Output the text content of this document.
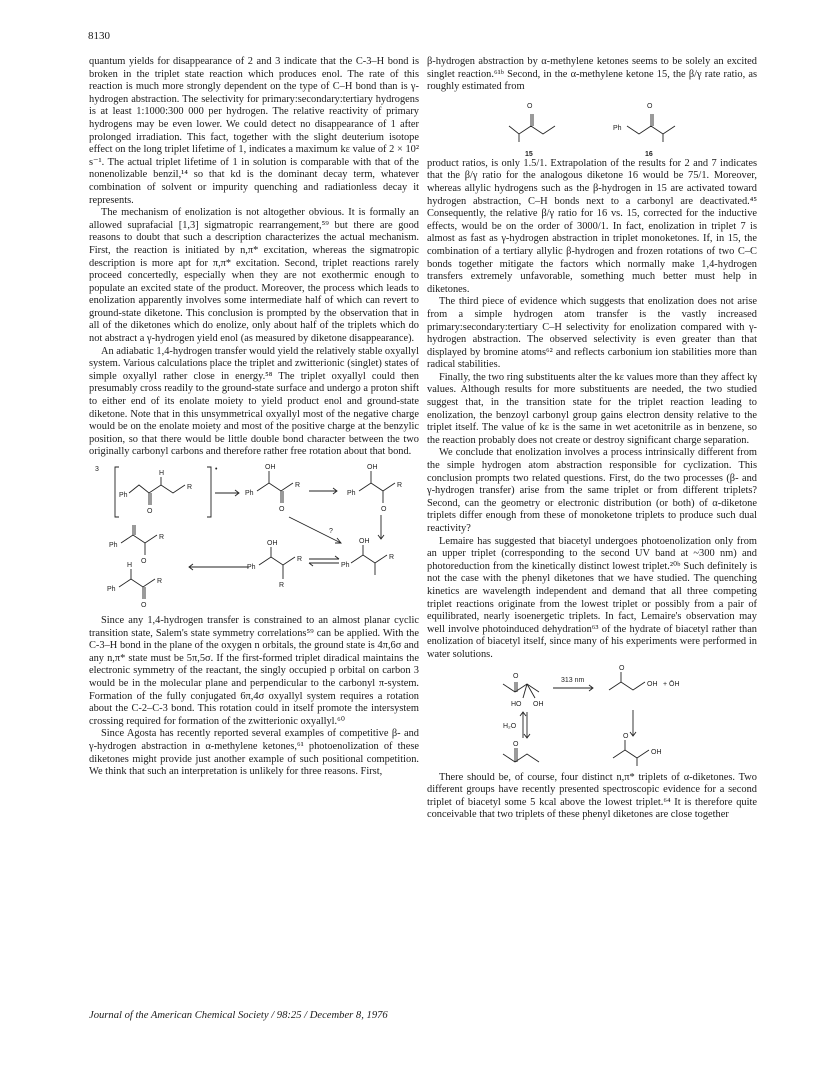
8130

quantum yields for disappearance of 2 and 3 indicate that the C-3–H bond is broken in the triplet state reaction which produces enol. The rate of this reaction is much more strongly dependent on the type of C–H bond than is γ-hydrogen abstraction. The selectivity for primary:secondary:tertiary hydrogens is at least 1:1000:300 000 per hydrogen. The relative reactivity of primary hydrogens may be even lower. We could detect no disappearance of 1 after prolonged irradiation. This fact, together with the slight deuterium isotope effect on the long triplet lifetime of 1, indicates a maximum kε value of 2 × 10² s⁻¹. The actual triplet lifetime of 1 in solution is comparable with that of the nonenolizable benzil,¹⁴ so that kd is the dominant decay term, whatever combination of solvent or impurity quenching and radiationless decay it represents.

The mechanism of enolization is not altogether obvious. It is formally an allowed suprafacial [1,3] sigmatropic rearrangement,⁵⁹ but there are good reasons to doubt that such a description characterizes the actual mechanism. First, the reaction is initiated by n,π* excitation, whereas the sigmatropic description is more apt for π,π* excitation. Second, triplet reactions rarely proceed concertedly, especially when they are not exothermic enough to populate an excited state of the product. Moreover, the process which leads to enolization apparently involves some intermediate half of which can revert to ground-state diketone. This conclusion is prompted by the observation that in all of the diketones which do enolize, only about half of the triplets which do not abstract a γ-hydrogen yield enol (as measured by diketone disappearance).

An adiabatic 1,4-hydrogen transfer would yield the relatively stable oxyallyl system. Various calculations place the triplet and zwitterionic (singlet) states of simple oxyallyl rather close in energy.⁵⁸ The triplet oxyallyl could then presumably cross readily to the ground-state surface and undergo a proton shift to either end of its enolate moiety to yield product enol and ground-state diketone. Note that in this unsymmetrical oxyallyl most of the negative charge would be on the enolate moiety and most of the positive charge at the benzylic position, so that there would be little double bond character between the two originally carbonyl carbons and therefore rather free rotation about that bond.

3	•
Ph
R
O
H
Ph
R
OH
O
Ph
R
OH
O
?
Ph
R
O
Ph
R
OH
R
Ph
R
OH
Ph
R
H
O

Since any 1,4-hydrogen transfer is constrained to an almost planar cyclic transition state, Salem's state symmetry correlations⁵⁹ can be applied. With the C-3–H bond in the plane of the oxygen n orbitals, the ground state is 4π,6σ and any n,π* state must be 5π,5σ. If the first-formed triplet diradical maintains the electronic symmetry of the reactant, the singly occupied p orbital on carbon 3 would be in the molecular plane and perpendicular to the carbonyl π-system. Formation of the fully conjugated 6π,4σ oxyallyl system requires a rotation about the C-2–C-3 bond. This rotation could in itself promote the intersystem crossing required for formation of the zwitterionic oxyallyl.⁶⁰

Since Agosta has recently reported several examples of competitive β- and γ-hydrogen abstraction in α-methylene ketones,⁶¹ photoenolization of these diketones might provide just another example of such positional competition. We think that such an interpretation is unlikely for three reasons. First,

β-hydrogen abstraction by α-methylene ketones seems to be solely an excited singlet reaction.⁶¹ᵇ Second, in the α-methylene ketone 15, the β/γ rate ratio, as roughly estimated from

O	O
Ph
15	16

product ratios, is only 1.5/1. Extrapolation of the results for 2 and 7 indicates that the β/γ ratio for the analogous diketone 16 would be 75/1. Moreover, whereas allylic hydrogens such as the β-hydrogen in 15 are activated toward hydrogen abstraction, C–H bonds next to a carbonyl are deactivated.⁴⁵ Consequently, the relative β/γ ratio for 16 vs. 15, corrected for the inductive effects, would be on the order of 3000/1. In fact, enolization in triplet 7 is almost as fast as γ-hydrogen abstraction in triplet monoketones. If, in 15, the combination of a tertiary allylic β-hydrogen and frozen rotations of two C–C bonds together mitigate the factors which normally make 1,4-hydrogen transfers extremely unfavorable, something much better must help in diketones.

The third piece of evidence which suggests that enolization does not arise from a simple hydrogen atom transfer is the vastly increased primary:secondary:tertiary C–H selectivity for enolization compared with γ-hydrogen abstraction. The observed selectivity is even greater than that displayed by bromine atoms⁶² and reflects carbonium ion stabilities more than radical stabilities.

Finally, the two ring substituents alter the kε values more than they affect kγ values. Although results for more substituents are needed, the two studied suggest that, in the transition state for the triplet reaction leading to enolization, the benzoyl carbonyl group gains electron density relative to the triplet itself. The value of kε is the same in wet acetonitrile as in benzene, so the reaction probably does not create or destroy significant charge separation.

We conclude that enolization involves a process intrinsically different from the simple hydrogen atom abstraction responsible for cyclization. This conclusion prompts two related questions. First, do the two processes (β- and γ-hydrogen transfer) arise from the same triplet or from different triplets? Second, can the geometry or electronic distribution (or both) of α-diketone triplets differ enough from these of monoketone triplets to produce such dual reactivity?

Lemaire has suggested that biacetyl undergoes photoenolization only from an upper triplet (corresponding to the second UV band at ~300 nm) and photoreduction from the kinetically distinct lowest triplet.²⁰ᵇ Such definitely is not the case with the phenyl diketones that we have studied. The quenching kinetics are wavelength independent and demand that all three competing triplet reactions originate from the lowest triplet or possibly from a pair of equilibrated, nearly isoenergetic triplets. In fact, Lemaire's observation may well involve photoinduced dehydration⁶³ of the hydrate of biacetyl rather than enolization of biacetyl itself, since many of his experiments were performed in water solutions.

O
HO OH
313 nm
O
OH + ŌH
H₂O
O
O
OH

There should be, of course, four distinct n,π* triplets of α-diketones. Two different groups have recently presented spectroscopic evidence for a second triplet of biacetyl some 5 kcal above the lowest triplet.⁶⁴ It is therefore quite conceivable that two triplets of these phenyl diketones are close together

Journal of the American Chemical Society / 98:25 / December 8, 1976
